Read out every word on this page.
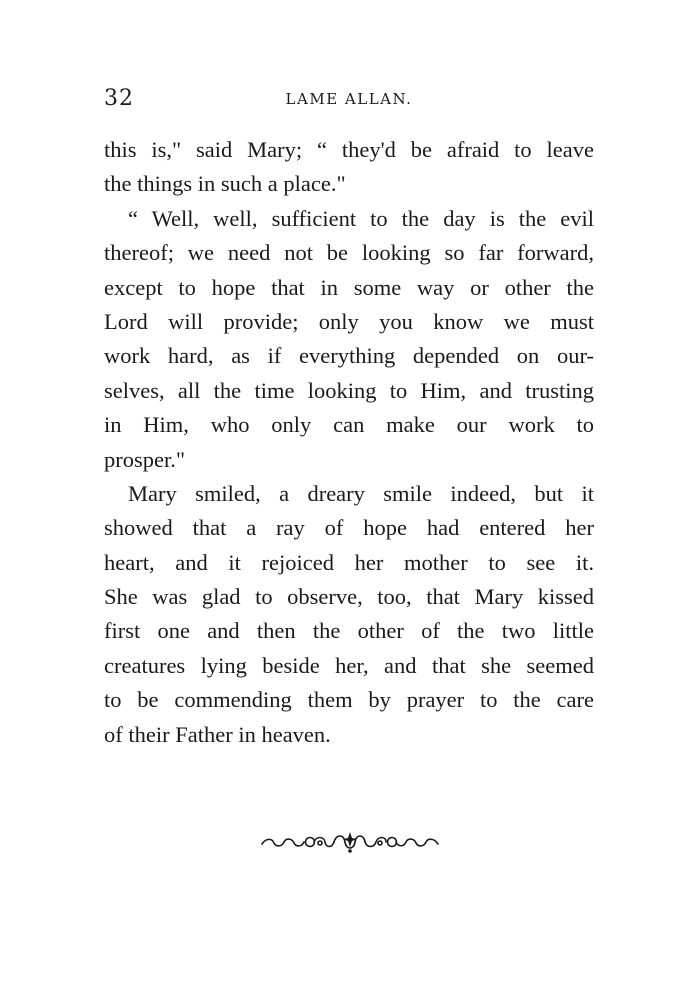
32	LAME ALLAN.
this is," said Mary; “ they'd be afraid to leave
the things in such a place."
“ Well, well, sufficient to the day is the evil
thereof; we need not be looking so far forward,
except to hope that in some way or other the
Lord will provide; only you know we must
work hard, as if everything depended on our-
selves, all the time looking to Him, and trusting
in Him, who only can make our work to
prosper."
Mary smiled, a dreary smile indeed, but it
showed that a ray of hope had entered her
heart, and it rejoiced her mother to see it.
She was glad to observe, too, that Mary kissed
first one and then the other of the two little
creatures lying beside her, and that she seemed
to be commending them by prayer to the care
of their Father in heaven.
